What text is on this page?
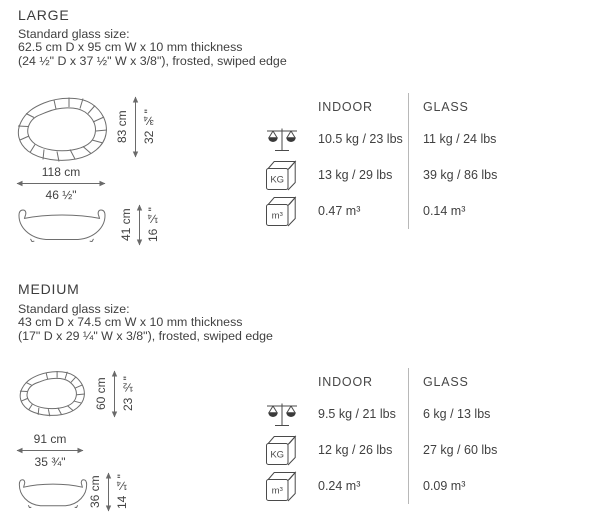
LARGE
Standard glass size:
62.5 cm D x 95 cm W x 10 mm thickness
(24 ½" D x 37 ½" W x 3/8"), frosted, swiped edge
83 cm 32 ¾"
118 cm
46 ½"
41 cm 16 ¼"
INDOOR	GLASS
10.5 kg / 23 lbs	11 kg / 24 lbs
KG	13 kg / 29 lbs	39 kg / 86 lbs
m³	0.47 m³	0.14 m³
MEDIUM
Standard glass size:
43 cm D x 74.5 cm W x 10 mm thickness
(17" D x 29 ¼" W x 3/8"), frosted, swiped edge
60 cm 23 ½"
91 cm
35 ¾"
36 cm 14 ¼"
INDOOR	GLASS
9.5 kg / 21 lbs	6 kg / 13 lbs
KG	12 kg / 26 lbs	27 kg / 60 lbs
m³	0.24 m³	0.09 m³
